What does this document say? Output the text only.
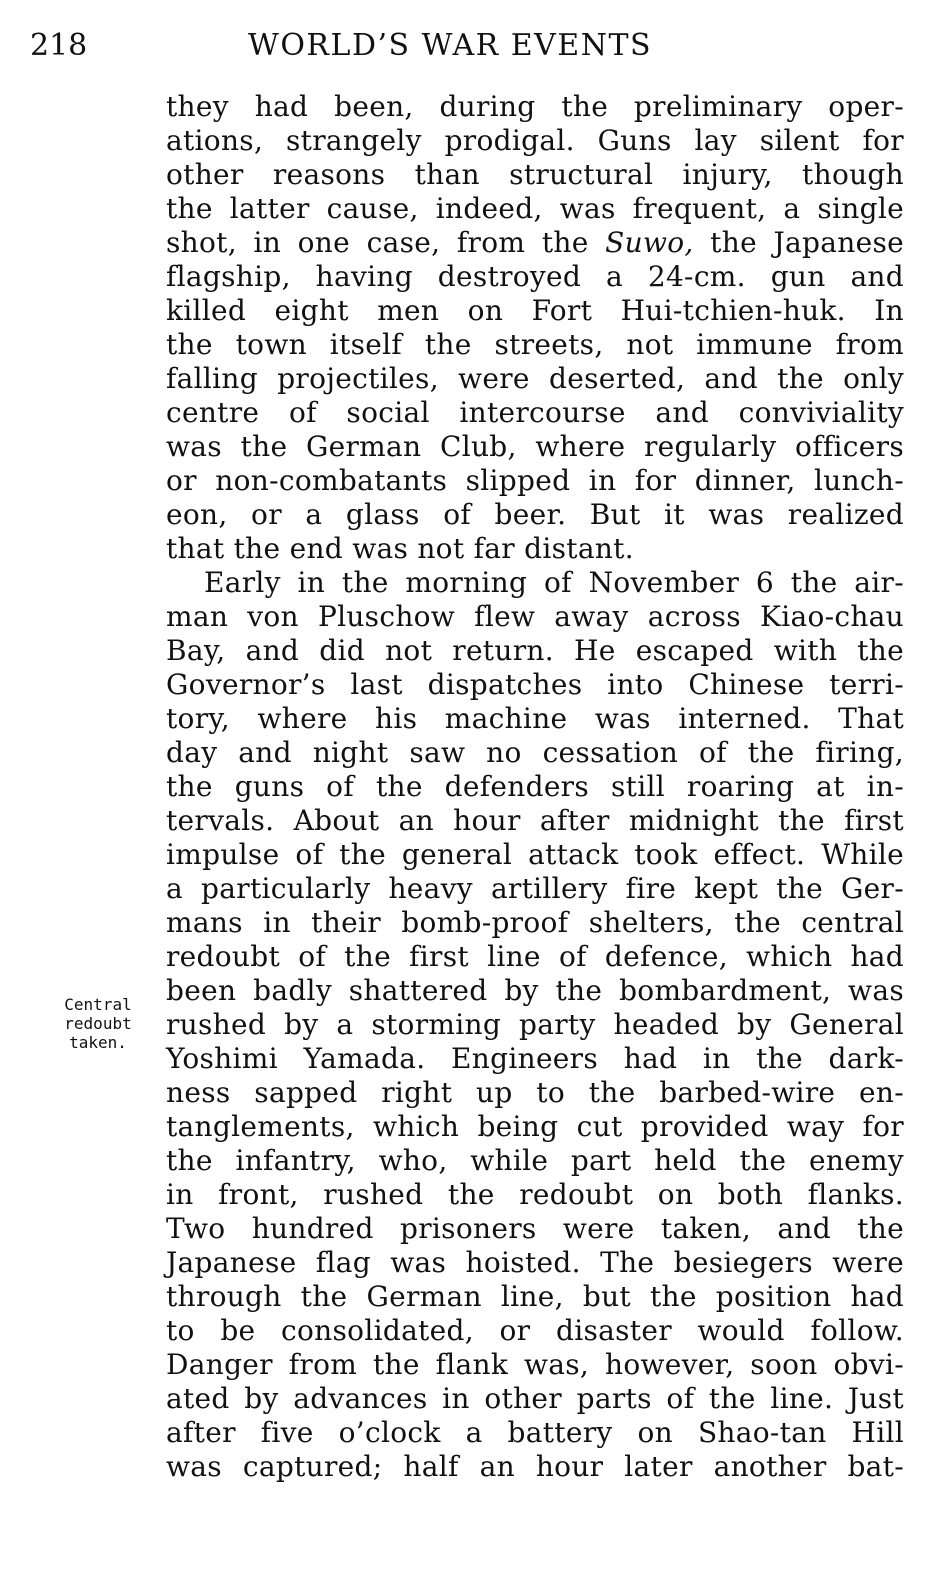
218	WORLD’S WAR EVENTS
Central
redoubt
taken.
they had been, during the preliminary oper-
ations, strangely prodigal. Guns lay silent for
other reasons than structural injury, though
the latter cause, indeed, was frequent, a single
shot, in one case, from the Suwo, the Japanese
flagship, having destroyed a 24-cm. gun and
killed eight men on Fort Hui-tchien-huk. In
the town itself the streets, not immune from
falling projectiles, were deserted, and the only
centre of social intercourse and conviviality
was the German Club, where regularly officers
or non-combatants slipped in for dinner, lunch-
eon, or a glass of beer. But it was realized
that the end was not far distant.
Early in the morning of November 6 the air-
man von Pluschow flew away across Kiao-chau
Bay, and did not return. He escaped with the
Governor’s last dispatches into Chinese terri-
tory, where his machine was interned. That
day and night saw no cessation of the firing,
the guns of the defenders still roaring at in-
tervals. About an hour after midnight the first
impulse of the general attack took effect. While
a particularly heavy artillery fire kept the Ger-
mans in their bomb-proof shelters, the central
redoubt of the first line of defence, which had
been badly shattered by the bombardment, was
rushed by a storming party headed by General
Yoshimi Yamada. Engineers had in the dark-
ness sapped right up to the barbed-wire en-
tanglements, which being cut provided way for
the infantry, who, while part held the enemy
in front, rushed the redoubt on both flanks.
Two hundred prisoners were taken, and the
Japanese flag was hoisted. The besiegers were
through the German line, but the position had
to be consolidated, or disaster would follow.
Danger from the flank was, however, soon obvi-
ated by advances in other parts of the line. Just
after five o’clock a battery on Shao-tan Hill
was captured; half an hour later another bat-
